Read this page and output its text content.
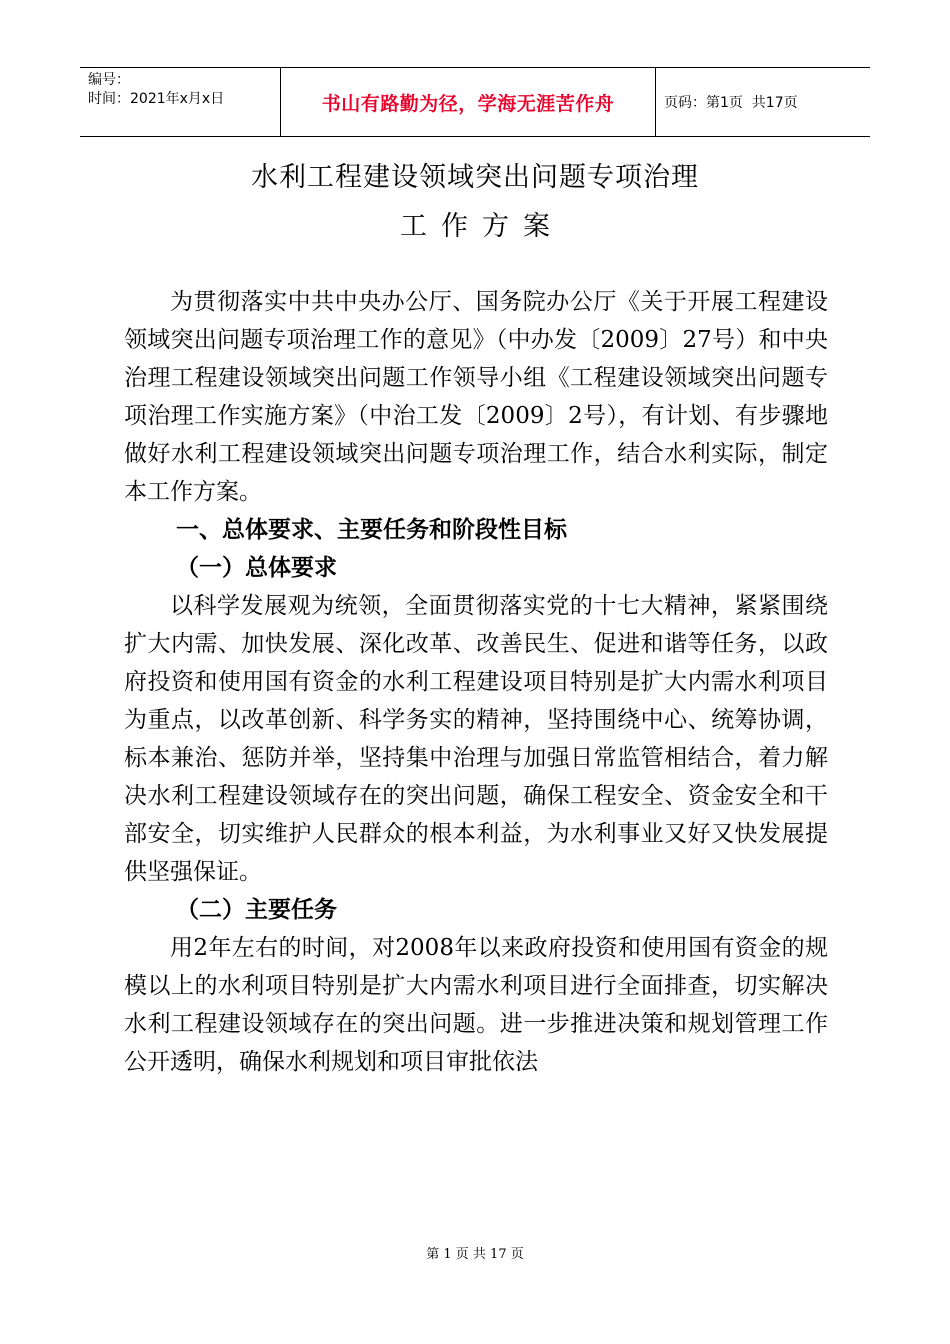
编号：
时间：2021年x月x日	书山有路勤为径，学海无涯苦作舟	页码：第1页  共17页
水利工程建设领域突出问题专项治理
工作方案

为贯彻落实中共中央办公厅、国务院办公厅《关于开展工程建设领域突出问题专项治理工作的意见》（中办发〔2009〕27号）和中央治理工程建设领域突出问题工作领导小组《工程建设领域突出问题专项治理工作实施方案》（中治工发〔2009〕2号），有计划、有步骤地做好水利工程建设领域突出问题专项治理工作，结合水利实际，制定本工作方案。

一、总体要求、主要任务和阶段性目标
（一）总体要求

以科学发展观为统领，全面贯彻落实党的十七大精神，紧紧围绕扩大内需、加快发展、深化改革、改善民生、促进和谐等任务，以政府投资和使用国有资金的水利工程建设项目特别是扩大内需水利项目为重点，以改革创新、科学务实的精神，坚持围绕中心、统筹协调，标本兼治、惩防并举，坚持集中治理与加强日常监管相结合，着力解决水利工程建设领域存在的突出问题，确保工程安全、资金安全和干部安全，切实维护人民群众的根本利益，为水利事业又好又快发展提供坚强保证。

（二）主要任务

用2年左右的时间，对2008年以来政府投资和使用国有资金的规模以上的水利项目特别是扩大内需水利项目进行全面排查，切实解决水利工程建设领域存在的突出问题。进一步推进决策和规划管理工作公开透明，确保水利规划和项目审批依法

第 1 页 共 17 页
